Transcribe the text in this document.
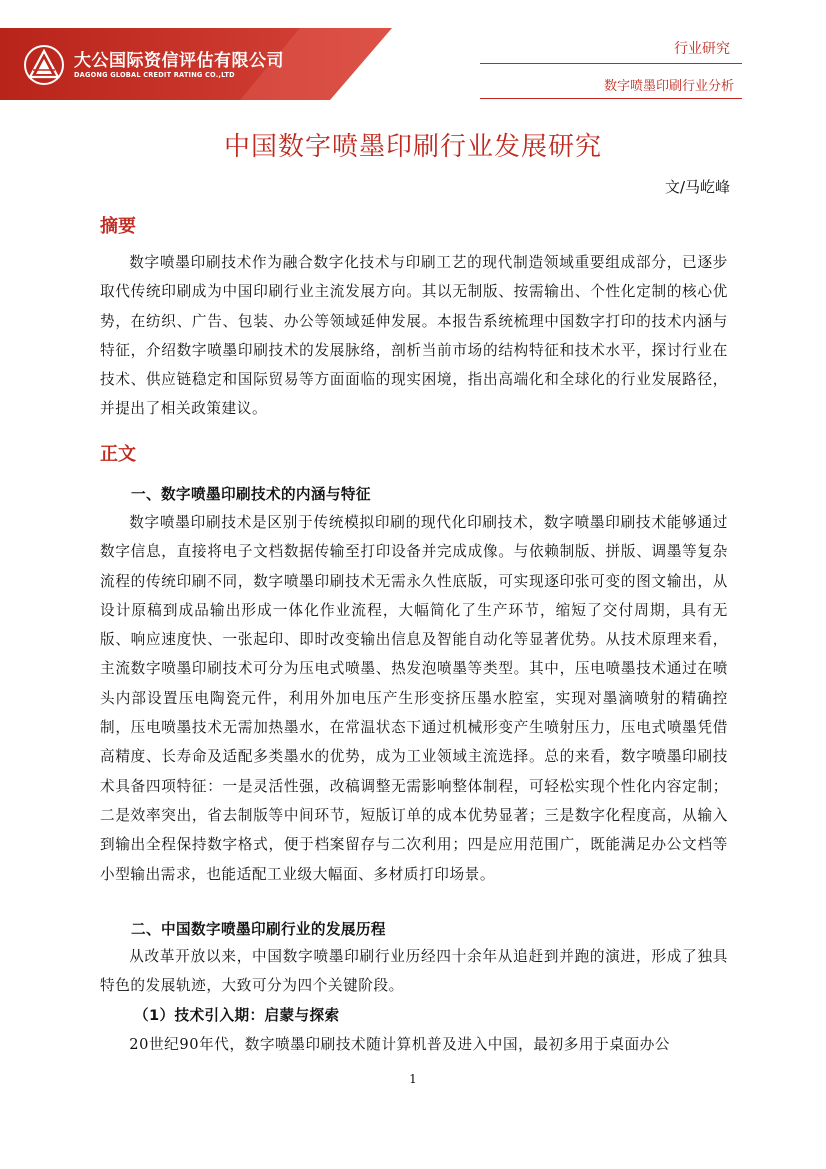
大公国际资信评估有限公司
DAGONG GLOBAL CREDIT RATING CO.,LTD
行业研究
数字喷墨印刷行业分析
中国数字喷墨印刷行业发展研究
文/马屹峰
摘要
数字喷墨印刷技术作为融合数字化技术与印刷工艺的现代制造领域重要组成部分，已逐步取代传统印刷成为中国印刷行业主流发展方向。其以无制版、按需输出、个性化定制的核心优势，在纺织、广告、包装、办公等领域延伸发展。本报告系统梳理中国数字打印的技术内涵与特征，介绍数字喷墨印刷技术的发展脉络，剖析当前市场的结构特征和技术水平，探讨行业在技术、供应链稳定和国际贸易等方面面临的现实困境，指出高端化和全球化的行业发展路径，并提出了相关政策建议。
正文
一、数字喷墨印刷技术的内涵与特征
数字喷墨印刷技术是区别于传统模拟印刷的现代化印刷技术，数字喷墨印刷技术能够通过数字信息，直接将电子文档数据传输至打印设备并完成成像。与依赖制版、拼版、调墨等复杂流程的传统印刷不同，数字喷墨印刷技术无需永久性底版，可实现逐印张可变的图文输出，从设计原稿到成品输出形成一体化作业流程，大幅简化了生产环节，缩短了交付周期，具有无版、响应速度快、一张起印、即时改变输出信息及智能自动化等显著优势。从技术原理来看，主流数字喷墨印刷技术可分为压电式喷墨、热发泡喷墨等类型。其中，压电喷墨技术通过在喷头内部设置压电陶瓷元件，利用外加电压产生形变挤压墨水腔室，实现对墨滴喷射的精确控制，压电喷墨技术无需加热墨水，在常温状态下通过机械形变产生喷射压力，压电式喷墨凭借高精度、长寿命及适配多类墨水的优势，成为工业领域主流选择。总的来看，数字喷墨印刷技术具备四项特征：一是灵活性强，改稿调整无需影响整体制程，可轻松实现个性化内容定制；二是效率突出，省去制版等中间环节，短版订单的成本优势显著；三是数字化程度高，从输入到输出全程保持数字格式，便于档案留存与二次利用；四是应用范围广，既能满足办公文档等小型输出需求，也能适配工业级大幅面、多材质打印场景。
二、中国数字喷墨印刷行业的发展历程
从改革开放以来，中国数字喷墨印刷行业历经四十余年从追赶到并跑的演进，形成了独具特色的发展轨迹，大致可分为四个关键阶段。
（1）技术引入期：启蒙与探索
20世纪90年代，数字喷墨印刷技术随计算机普及进入中国，最初多用于桌面办公
1
